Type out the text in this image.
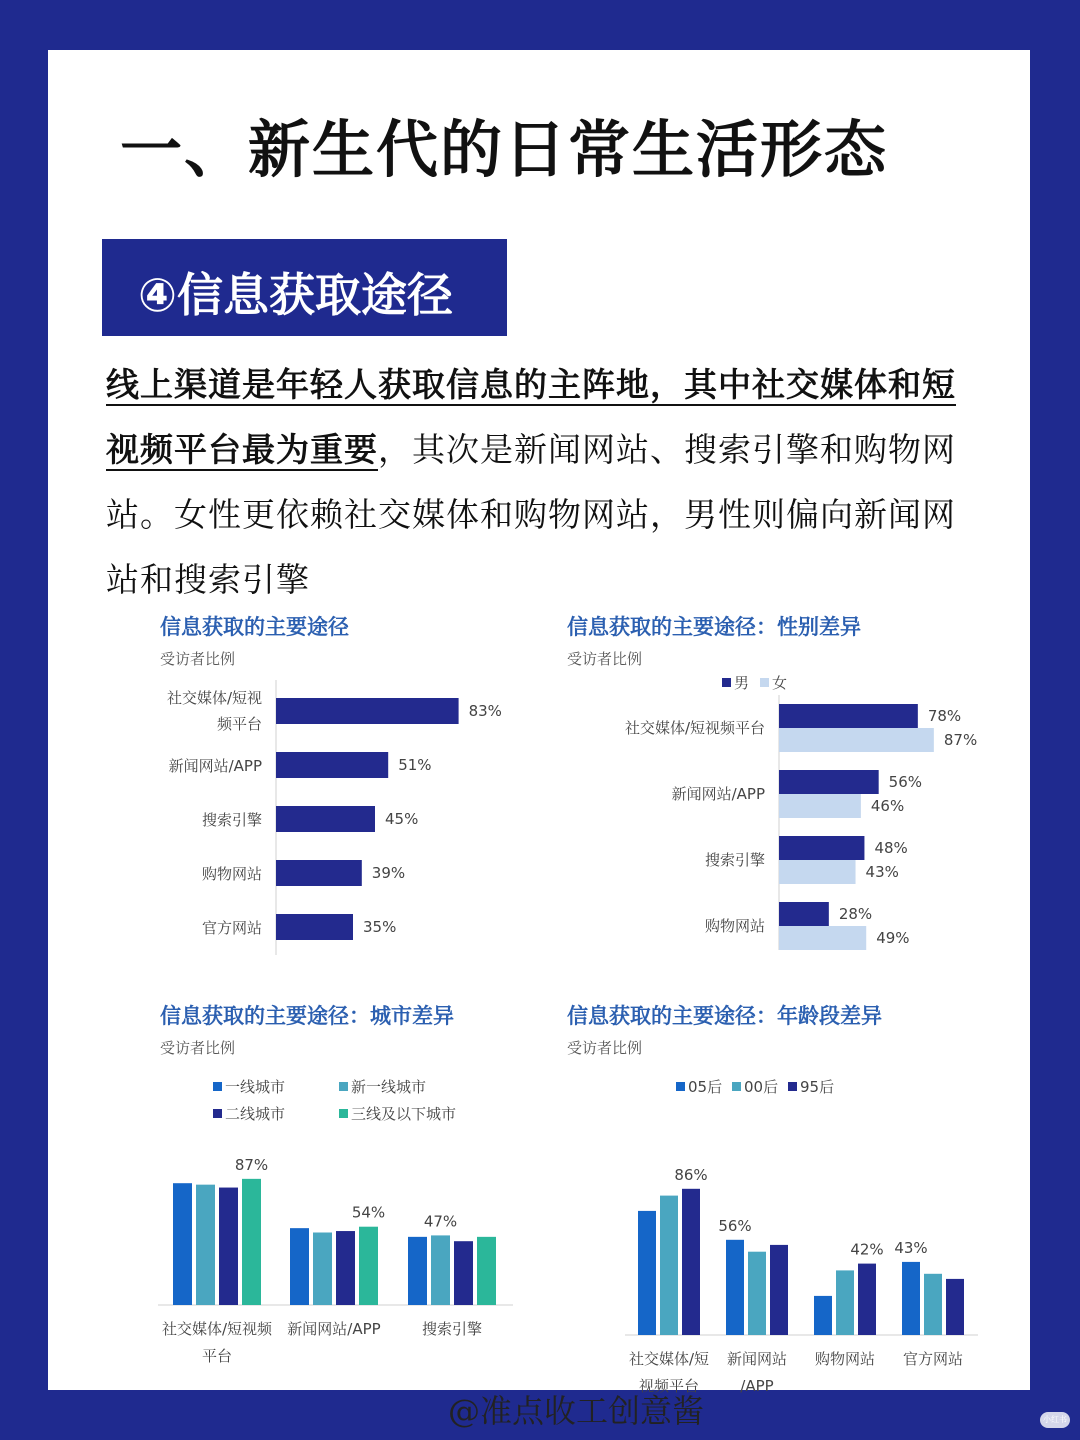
一、新生代的日常生活形态
④信息获取途径
线上渠道是年轻人获取信息的主阵地，其中社交媒体和短视频平台最为重要，其次是新闻网站、搜索引擎和购物网站。女性更依赖社交媒体和购物网站，男性则偏向新闻网站和搜索引擎
信息获取的主要途径
受访者比例
83%
社交媒体/短视
频平台
51%
新闻网站/APP
45%
搜索引擎
39%
购物网站
35%
官方网站
信息获取的主要途径：性别差异
受访者比例
男	女
78%
87%
社交媒体/短视频平台
56%
46%
新闻网站/APP
48%
43%
搜索引擎
28%
49%
购物网站
信息获取的主要途径：城市差异
受访者比例
一线城市	新一线城市
二线城市	三线及以下城市
社交媒体/短视频
平台
新闻网站/APP	搜索引擎
87%
54%	47%
信息获取的主要途径：年龄段差异
受访者比例
05后	00后	95后
社交媒体/短
视频平台
新闻网站
/APP
购物网站 官方网站
86%
56%
42% 43%
@准点收工创意酱	小红书
